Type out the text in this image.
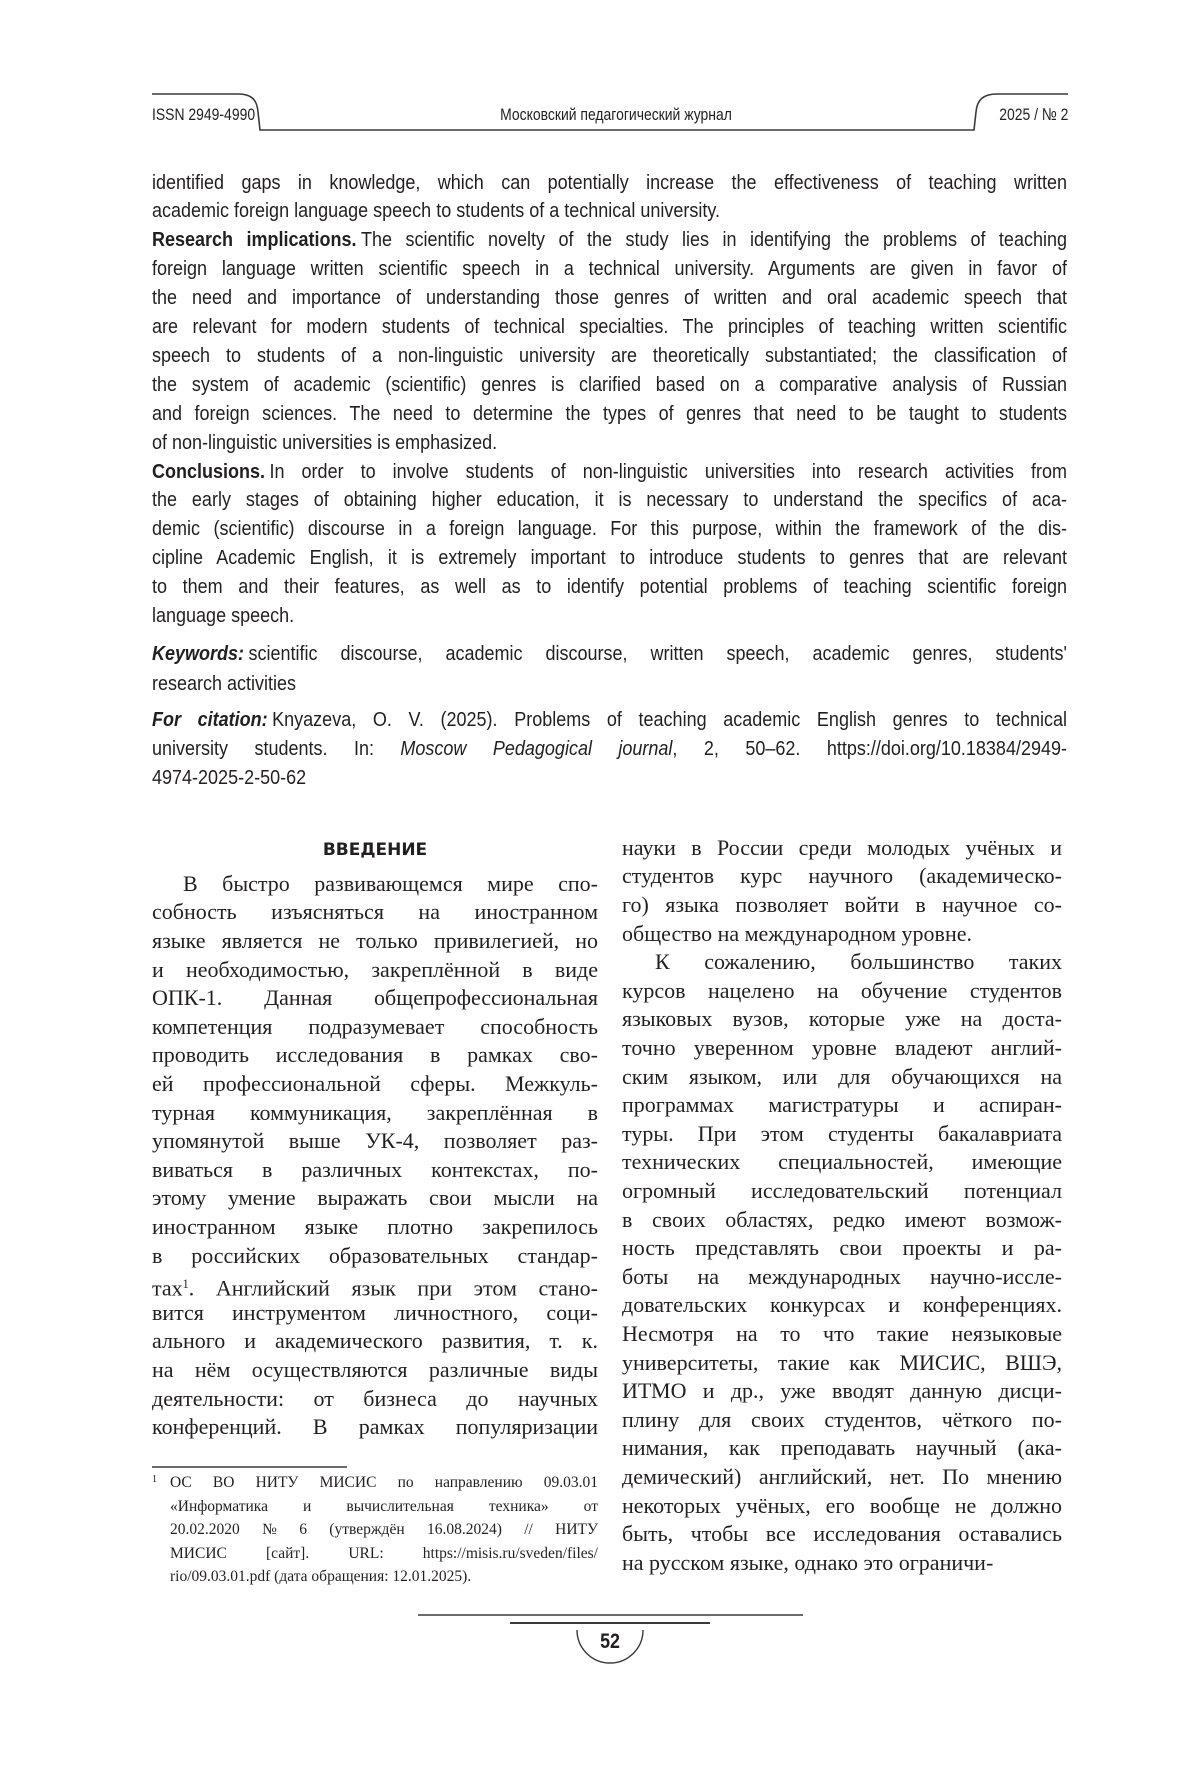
ISSN 2949-4990	Московский педагогический журнал	2025 / № 2
identified gaps in knowledge, which can potentially increase the effectiveness of teaching written
academic foreign language speech to students of a technical university.
Research implications. The scientific novelty of the study lies in identifying the problems of teaching
foreign language written scientific speech in a technical university. Arguments are given in favor of
the need and importance of understanding those genres of written and oral academic speech that
are relevant for modern students of technical specialties. The principles of teaching written scientific
speech to students of a non-linguistic university are theoretically substantiated; the classification of
the system of academic (scientific) genres is clarified based on a comparative analysis of Russian
and foreign sciences. The need to determine the types of genres that need to be taught to students
of non-linguistic universities is emphasized.
Conclusions. In order to involve students of non-linguistic universities into research activities from
the early stages of obtaining higher education, it is necessary to understand the specifics of aca-
demic (scientific) discourse in a foreign language. For this purpose, within the framework of the dis-
cipline Academic English, it is extremely important to introduce students to genres that are relevant
to them and their features, as well as to identify potential problems of teaching scientific foreign
language speech.
Keywords: scientific discourse, academic discourse, written speech, academic genres, students'
research activities
For citation: Knyazeva, O. V. (2025). Problems of teaching academic English genres to technical
university students. In: Moscow Pedagogical journal, 2, 50–62. https://doi.org/10.18384/2949-
4974-2025-2-50-62
ВВЕДЕНИЕ
В быстро развивающемся мире спо-
собность изъясняться на иностранном
языке является не только привилегией, но
и необходимостью, закреплённой в виде
ОПК-1. Данная общепрофессиональная
компетенция подразумевает способность
проводить исследования в рамках сво-
ей профессиональной сферы. Межкуль-
турная коммуникация, закреплённая в
упомянутой выше УК-4, позволяет раз-
виваться в различных контекстах, по-
этому умение выражать свои мысли на
иностранном языке плотно закрепилось
в российских образовательных стандар-
тах1. Английский язык при этом стано-
вится инструментом личностного, соци-
ального и академического развития, т. к.
на нём осуществляются различные виды
деятельности: от бизнеса до научных
конференций. В рамках популяризации
науки в России среди молодых учёных и
студентов курс научного (академическо-
го) языка позволяет войти в научное со-
общество на международном уровне.
К сожалению, большинство таких
курсов нацелено на обучение студентов
языковых вузов, которые уже на доста-
точно уверенном уровне владеют англий-
ским языком, или для обучающихся на
программах магистратуры и аспиран-
туры. При этом студенты бакалавриата
технических специальностей, имеющие
огромный исследовательский потенциал
в своих областях, редко имеют возмож-
ность представлять свои проекты и ра-
боты на международных научно-иссле-
довательских конкурсах и конференциях.
Несмотря на то что такие неязыковые
университеты, такие как МИСИС, ВШЭ,
ИТМО и др., уже вводят данную дисци-
плину для своих студентов, чёткого по-
нимания, как преподавать научный (ака-
демический) английский, нет. По мнению
некоторых учёных, его вообще не должно
быть, чтобы все исследования оставались
на русском языке, однако это ограничи-
1 ОС ВО НИТУ МИСИС по направлению 09.03.01
«Информатика и вычислительная техника» от
20.02.2020 № 6 (утверждён 16.08.2024) // НИТУ
МИСИС [сайт]. URL: https://misis.ru/sveden/files/
rio/09.03.01.pdf (дата обращения: 12.01.2025).
52
